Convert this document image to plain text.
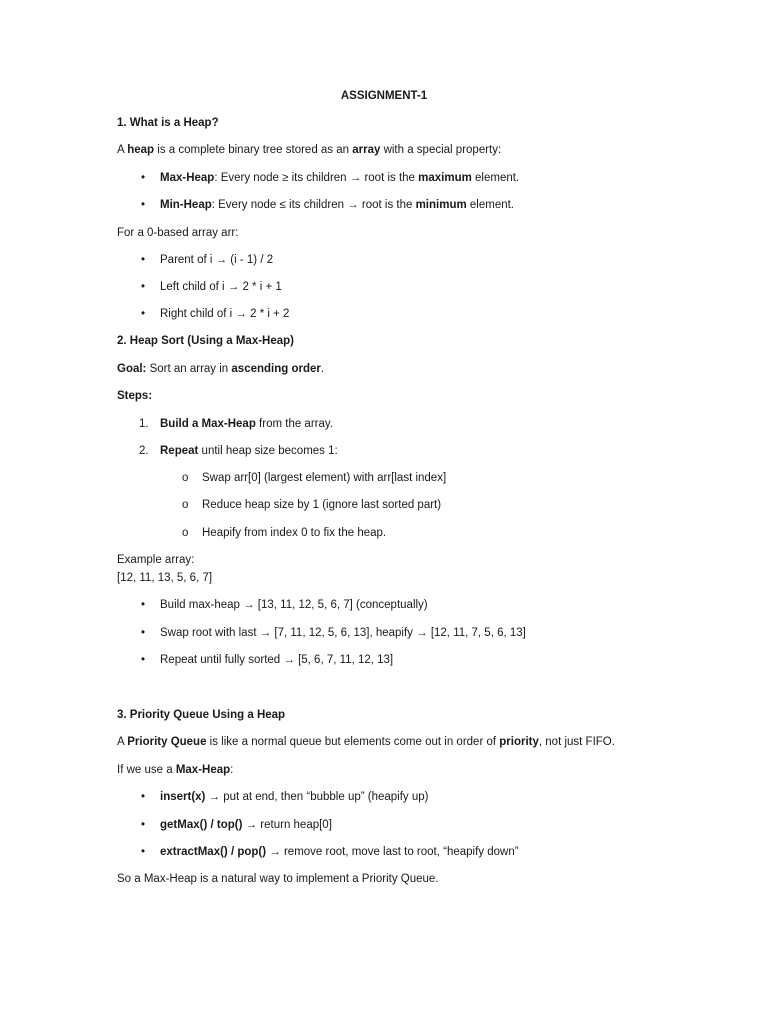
ASSIGNMENT-1
1. What is a Heap?
A heap is a complete binary tree stored as an array with a special property:
• Max-Heap: Every node ≥ its children → root is the maximum element.
• Min-Heap: Every node ≤ its children → root is the minimum element.
For a 0-based array arr:
• Parent of i → (i - 1) / 2
• Left child of i → 2 * i + 1
• Right child of i → 2 * i + 2
2. Heap Sort (Using a Max-Heap)
Goal: Sort an array in ascending order.
Steps:
1. Build a Max-Heap from the array.
2. Repeat until heap size becomes 1:
o Swap arr[0] (largest element) with arr[last index]
o Reduce heap size by 1 (ignore last sorted part)
o Heapify from index 0 to fix the heap.
Example array:
[12, 11, 13, 5, 6, 7]
• Build max-heap → [13, 11, 12, 5, 6, 7] (conceptually)
• Swap root with last → [7, 11, 12, 5, 6, 13], heapify → [12, 11, 7, 5, 6, 13]
• Repeat until fully sorted → [5, 6, 7, 11, 12, 13]
3. Priority Queue Using a Heap
A Priority Queue is like a normal queue but elements come out in order of priority, not just FIFO.
If we use a Max-Heap:
• insert(x) → put at end, then “bubble up” (heapify up)
• getMax() / top() → return heap[0]
• extractMax() / pop() → remove root, move last to root, “heapify down”
So a Max-Heap is a natural way to implement a Priority Queue.
